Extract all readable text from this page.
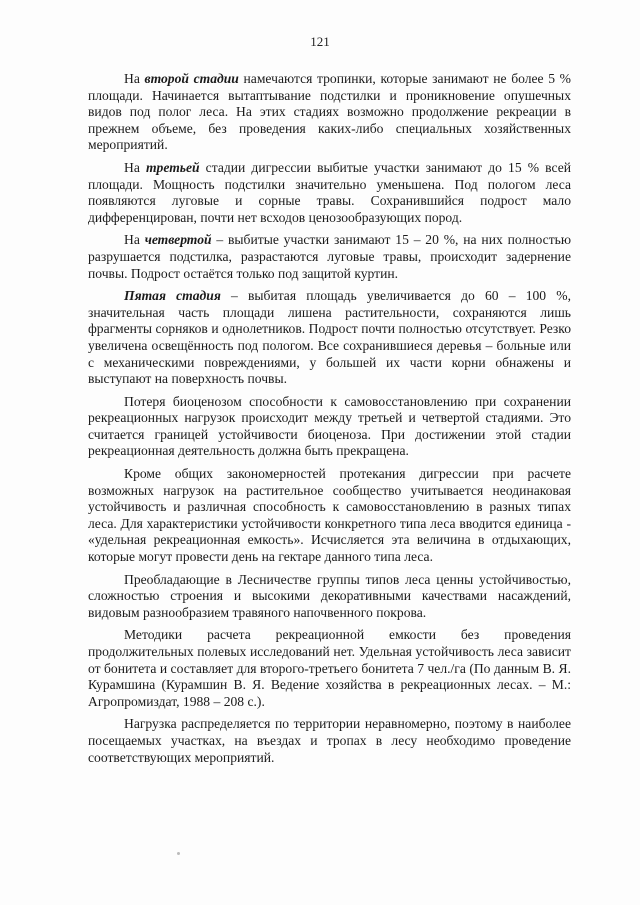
121

На второй стадии намечаются тропинки, которые занимают не более 5 % площади. Начинается вытаптывание подстилки и проникновение опушечных видов под полог леса. На этих стадиях возможно продолжение рекреации в прежнем объеме, без проведения каких-либо специальных хозяйственных мероприятий.

На третьей стадии дигрессии выбитые участки занимают до 15 % всей площади. Мощность подстилки значительно уменьшена. Под пологом леса появляются луговые и сорные травы. Сохранившийся подрост мало дифференцирован, почти нет всходов ценозообразующих пород.

На четвертой – выбитые участки занимают 15 – 20 %, на них полностью разрушается подстилка, разрастаются луговые травы, происходит задернение почвы. Подрост остаётся только под защитой куртин.

Пятая стадия – выбитая площадь увеличивается до 60 – 100 %, значительная часть площади лишена растительности, сохраняются лишь фрагменты сорняков и однолетников. Подрост почти полностью отсутствует. Резко увеличена освещённость под пологом. Все сохранившиеся деревья – больные или с механическими повреждениями, у большей их части корни обнажены и выступают на поверхность почвы.

Потеря биоценозом способности к самовосстановлению при сохранении рекреационных нагрузок происходит между третьей и четвертой стадиями. Это считается границей устойчивости биоценоза. При достижении этой стадии рекреационная деятельность должна быть прекращена.

Кроме общих закономерностей протекания дигрессии при расчете возможных нагрузок на растительное сообщество учитывается неодинаковая устойчивость и различная способность к самовосстановлению в разных типах леса. Для характеристики устойчивости конкретного типа леса вводится единица - «удельная рекреационная емкость». Исчисляется эта величина в отдыхающих, которые могут провести день на гектаре данного типа леса.

Преобладающие в Лесничестве группы типов леса ценны устойчивостью, сложностью строения и высокими декоративными качествами насаждений, видовым разнообразием травяного напочвенного покрова.

Методики расчета рекреационной емкости без проведения продолжительных полевых исследований нет. Удельная устойчивость леса зависит от бонитета и составляет для второго-третьего бонитета 7 чел./га (По данным В. Я. Курамшина (Курамшин В. Я. Ведение хозяйства в рекреационных лесах. – М.: Агропромиздат, 1988 – 208 с.).

Нагрузка распределяется по территории неравномерно, поэтому в наиболее посещаемых участках, на въездах и тропах в лесу необходимо проведение соответствующих мероприятий.
